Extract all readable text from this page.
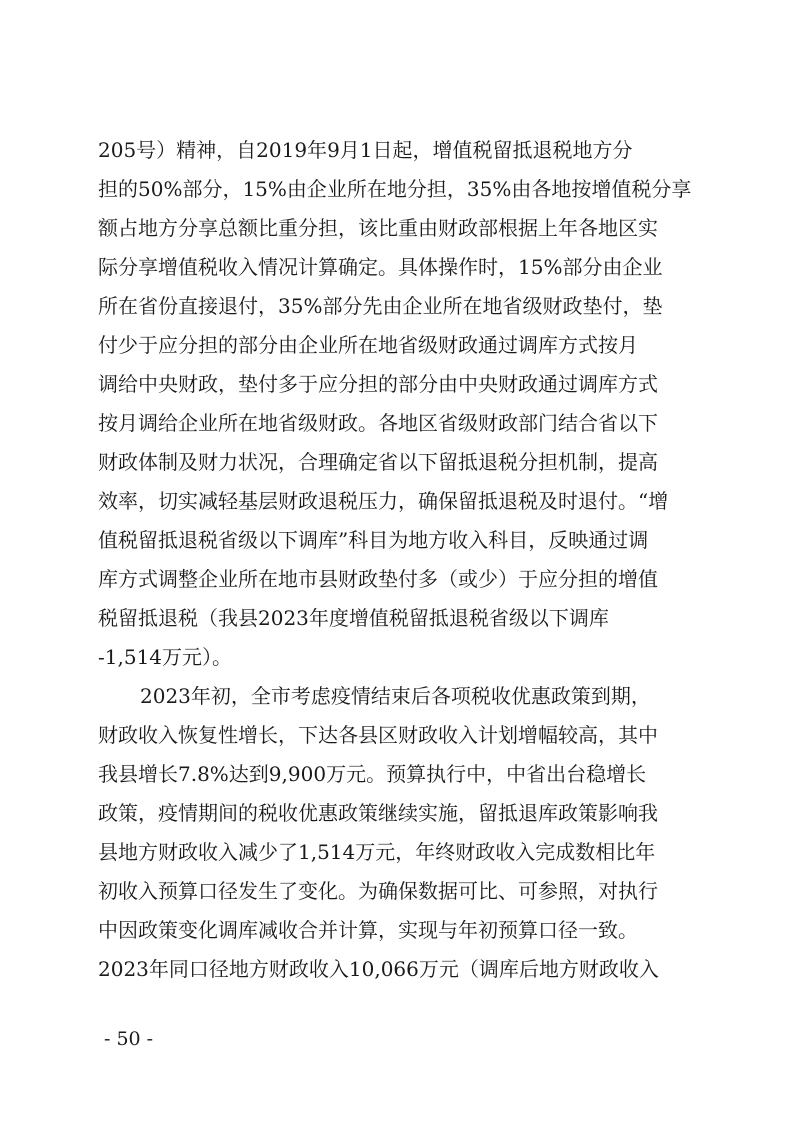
205号）精神，自2019年9月1日起，增值税留抵退税地方分
担的50%部分，15%由企业所在地分担，35%由各地按增值税分享
额占地方分享总额比重分担，该比重由财政部根据上年各地区实
际分享增值税收入情况计算确定。具体操作时，15%部分由企业
所在省份直接退付，35%部分先由企业所在地省级财政垫付，垫
付少于应分担的部分由企业所在地省级财政通过调库方式按月
调给中央财政，垫付多于应分担的部分由中央财政通过调库方式
按月调给企业所在地省级财政。各地区省级财政部门结合省以下
财政体制及财力状况，合理确定省以下留抵退税分担机制，提高
效率，切实减轻基层财政退税压力，确保留抵退税及时退付。“增
值税留抵退税省级以下调库”科目为地方收入科目，反映通过调
库方式调整企业所在地市县财政垫付多（或少）于应分担的增值
税留抵退税（我县2023年度增值税留抵退税省级以下调库
-1,514万元）。
2023年初，全市考虑疫情结束后各项税收优惠政策到期，
财政收入恢复性增长，下达各县区财政收入计划增幅较高，其中
我县增长7.8%达到9,900万元。预算执行中，中省出台稳增长
政策，疫情期间的税收优惠政策继续实施，留抵退库政策影响我
县地方财政收入减少了1,514万元，年终财政收入完成数相比年
初收入预算口径发生了变化。为确保数据可比、可参照，对执行
中因政策变化调库减收合并计算，实现与年初预算口径一致。
2023年同口径地方财政收入10,066万元（调库后地方财政收入
- 50 -
